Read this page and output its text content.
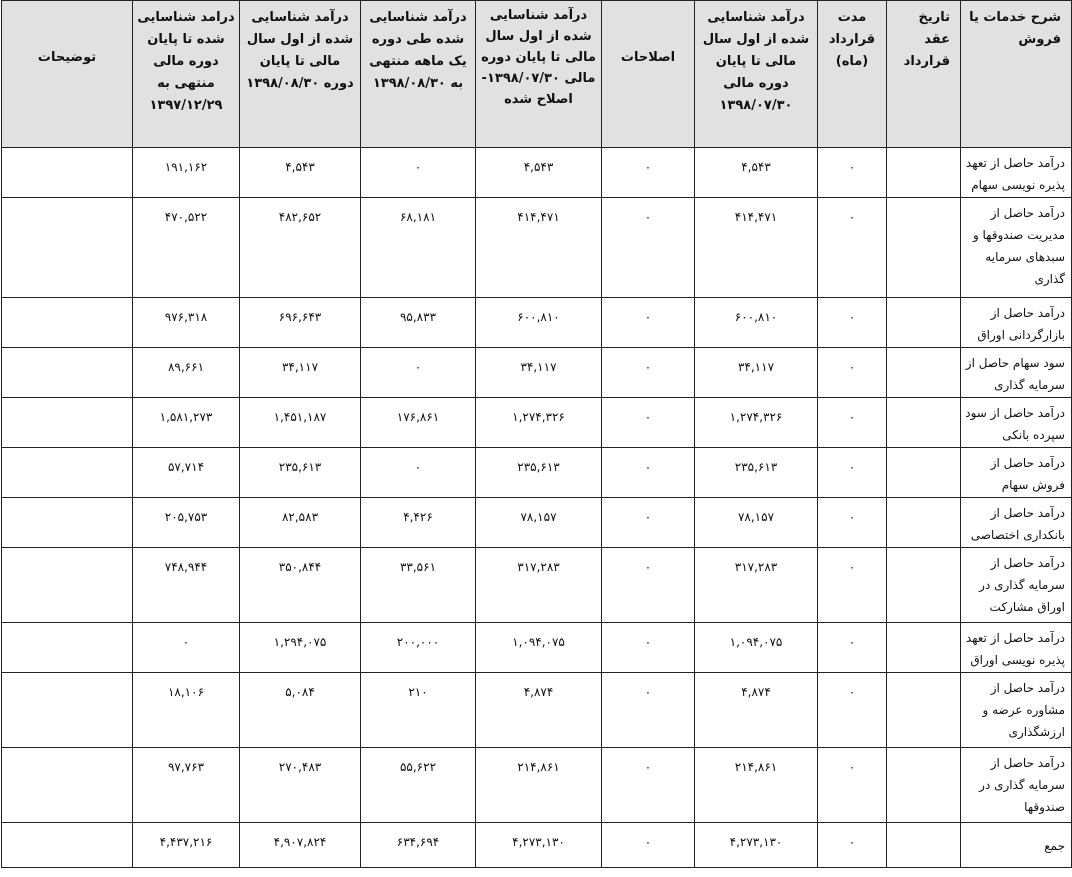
شرح خدمات یا فروش	تاریخ عقد قرارداد	مدت قرارداد (ماه)	درآمد شناسایی شده از اول سال مالی تا پایان دوره مالی ۱۳۹۸/۰۷/۳۰	اصلاحات	درآمد شناسایی شده از اول سال مالی تا پایان دوره مالی ۱۳۹۸/۰۷/۳۰- اصلاح شده	درآمد شناسایی شده طی دوره یک ماهه منتهی به ۱۳۹۸/۰۸/۳۰	درآمد شناسایی شده از اول سال مالی تا پایان دوره ۱۳۹۸/۰۸/۳۰	درامد شناسایی شده تا پایان دوره مالی منتهی به ۱۳۹۷/۱۲/۲۹	توضیحات
درآمد حاصل از تعهد پذیره نویسی سهام		۰	۴,۵۴۳	۰	۴,۵۴۳	۰	۴,۵۴۳	۱۹۱,۱۶۲	
درآمد حاصل از مدیریت صندوقها و سبدهای سرمایه گذاری		۰	۴۱۴,۴۷۱	۰	۴۱۴,۴۷۱	۶۸,۱۸۱	۴۸۲,۶۵۲	۴۷۰,۵۲۲	
درآمد حاصل از بازارگردانی اوراق		۰	۶۰۰,۸۱۰	۰	۶۰۰,۸۱۰	۹۵,۸۳۳	۶۹۶,۶۴۳	۹۷۶,۳۱۸	
سود سهام حاصل از سرمایه گذاری		۰	۳۴,۱۱۷	۰	۳۴,۱۱۷	۰	۳۴,۱۱۷	۸۹,۶۶۱	
درآمد حاصل از سود سپرده بانکی		۰	۱,۲۷۴,۳۲۶	۰	۱,۲۷۴,۳۲۶	۱۷۶,۸۶۱	۱,۴۵۱,۱۸۷	۱,۵۸۱,۲۷۳	
درآمد حاصل از فروش سهام		۰	۲۳۵,۶۱۳	۰	۲۳۵,۶۱۳	۰	۲۳۵,۶۱۳	۵۷,۷۱۴	
درآمد حاصل از بانکداری اختصاصی		۰	۷۸,۱۵۷	۰	۷۸,۱۵۷	۴,۴۲۶	۸۲,۵۸۳	۲۰۵,۷۵۳	
درآمد حاصل از سرمایه گذاری در اوراق مشارکت		۰	۳۱۷,۲۸۳	۰	۳۱۷,۲۸۳	۳۳,۵۶۱	۳۵۰,۸۴۴	۷۴۸,۹۴۴	
درآمد حاصل از تعهد پذیره نویسی اوراق		۰	۱,۰۹۴,۰۷۵	۰	۱,۰۹۴,۰۷۵	۲۰۰,۰۰۰	۱,۲۹۴,۰۷۵	۰	
درآمد حاصل از مشاوره عرضه و ارزشگذاری		۰	۴,۸۷۴	۰	۴,۸۷۴	۲۱۰	۵,۰۸۴	۱۸,۱۰۶	
درآمد حاصل از سرمایه گذاری در صندوقها		۰	۲۱۴,۸۶۱	۰	۲۱۴,۸۶۱	۵۵,۶۲۲	۲۷۰,۴۸۳	۹۷,۷۶۳	
جمع		۰	۴,۲۷۳,۱۳۰	۰	۴,۲۷۳,۱۳۰	۶۳۴,۶۹۴	۴,۹۰۷,۸۲۴	۴,۴۳۷,۲۱۶	
